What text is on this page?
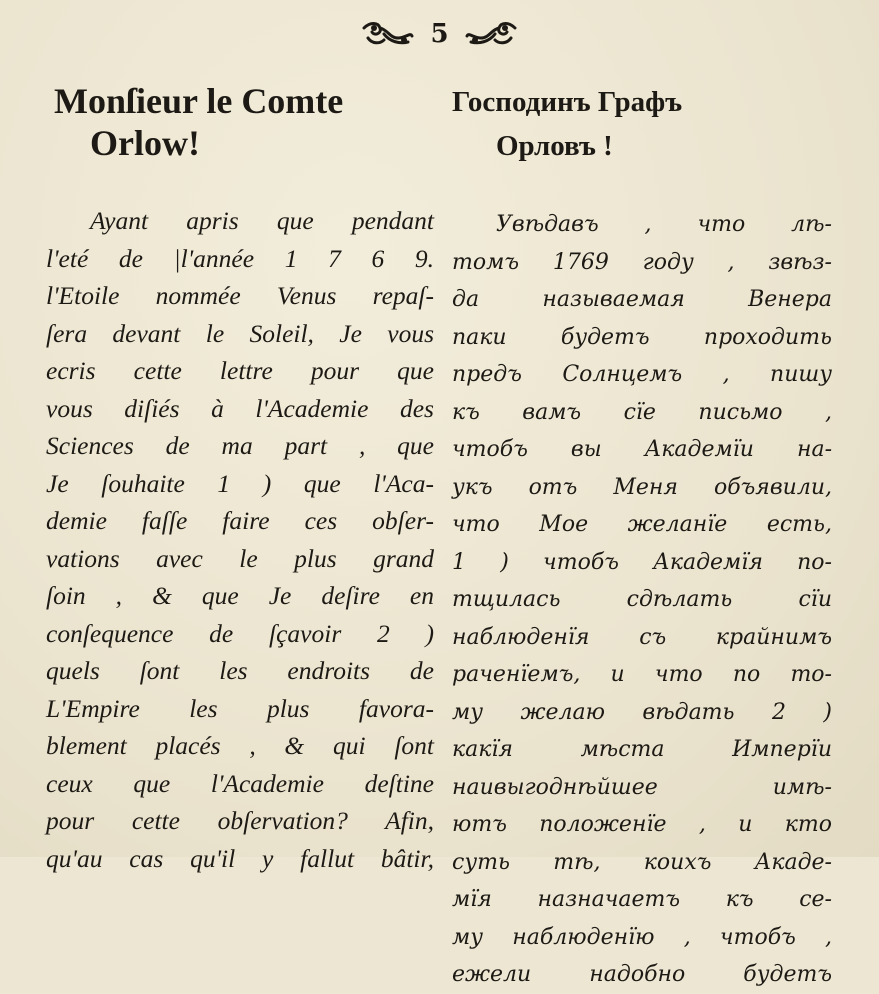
5
Monſieur le Comte
Orlow!
Ayant apris que pendant
l'eté de |l'année 1 7 6 9.
l'Etoile nommée Venus repaſ-
ſera devant le Soleil, Je vous
ecris cette lettre pour que
vous diſiés à l'Academie des
Sciences de ma part , que
Je ſouhaite 1 ) que l'Aca-
demie faſſe faire ces obſer-
vations avec le plus grand
ſoin , & que Je deſire en
conſequence de ſçavoir 2 )
quels ſont les endroits de
L'Empire les plus favora-
blement placés , & qui ſont
ceux que l'Academie deſtine
pour cette obſervation? Afin,
qu'au cas qu'il y fallut bâtir,
Господинъ Графъ
Орловъ !
Увѣдавъ , что лѣ-
томъ 1769 году , звѣз-
да называемая Венера
паки будетъ проходить
предъ Солнцемъ , пишу
къ вамъ сїе письмо ,
чтобъ вы Академїи на-
укъ отъ Меня объявили,
что Мое желанїе есть,
1 ) чтобъ Академїя по-
тщилась сдѣлать сїи
наблюденїя съ крайнимъ
раченїемъ, и что по то-
му желаю вѣдать 2 )
какїя мѣста Имперїи
наивыгоднѣйшее имѣ-
ютъ положенїе , и кто
суть тѣ, коихъ Акаде-
мїя назначаетъ къ се-
му наблюденїю , чтобъ ,
ежели надобно будетъ
